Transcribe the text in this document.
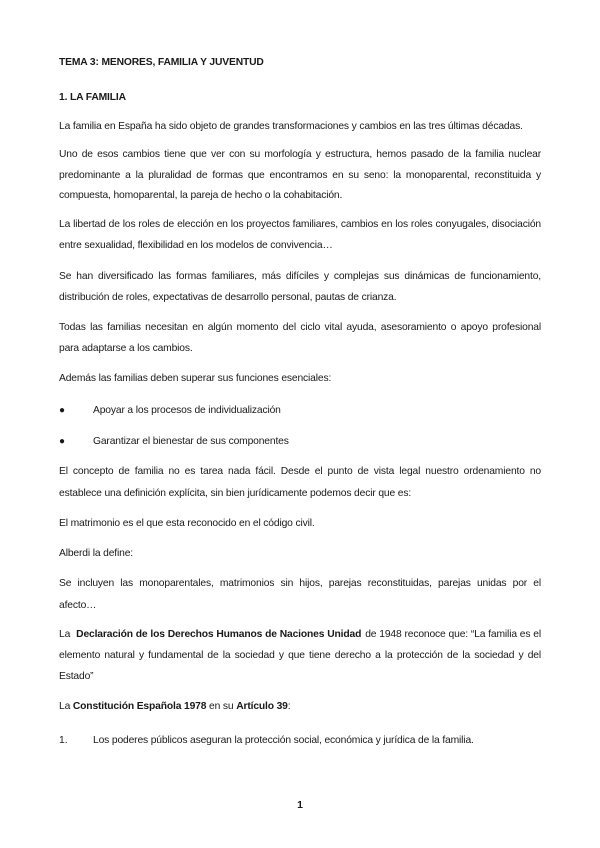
TEMA 3: MENORES, FAMILIA Y JUVENTUD

1. LA FAMILIA

La familia en España ha sido objeto de grandes transformaciones y cambios en las tres últimas décadas.

Uno de esos cambios tiene que ver con su morfología y estructura, hemos pasado de la familia nuclear

predominante a la pluralidad de formas que encontramos en su seno: la monoparental, reconstituida y

compuesta, homoparental, la pareja de hecho o la cohabitación.

La libertad de los roles de elección en los proyectos familiares, cambios en los roles conyugales, disociación

entre sexualidad, flexibilidad en los modelos de convivencia…

Se han diversificado las formas familiares, más difíciles y complejas sus dinámicas de funcionamiento,

distribución de roles, expectativas de desarrollo personal, pautas de crianza.

Todas las familias necesitan en algún momento del ciclo vital ayuda, asesoramiento o apoyo profesional

para adaptarse a los cambios.

Además las familias deben superar sus funciones esenciales:

●	Apoyar a los procesos de individualización
●	Garantizar el bienestar de sus componentes

El concepto de familia no es tarea nada fácil. Desde el punto de vista legal nuestro ordenamiento no

establece una definición explícita, sin bien jurídicamente podemos decir que es:

El matrimonio es el que esta reconocido en el código civil.

Alberdi la define:

Se incluyen las monoparentales, matrimonios sin hijos, parejas reconstituidas, parejas unidas por el

afecto…

La Declaración de los Derechos Humanos de Naciones Unidad de 1948 reconoce que: “La familia es el

elemento natural y fundamental de la sociedad y que tiene derecho a la protección de la sociedad y del

Estado”

La Constitución Española 1978 en su Artículo 39:

1. Los poderes públicos aseguran la protección social, económica y jurídica de la familia.
1
